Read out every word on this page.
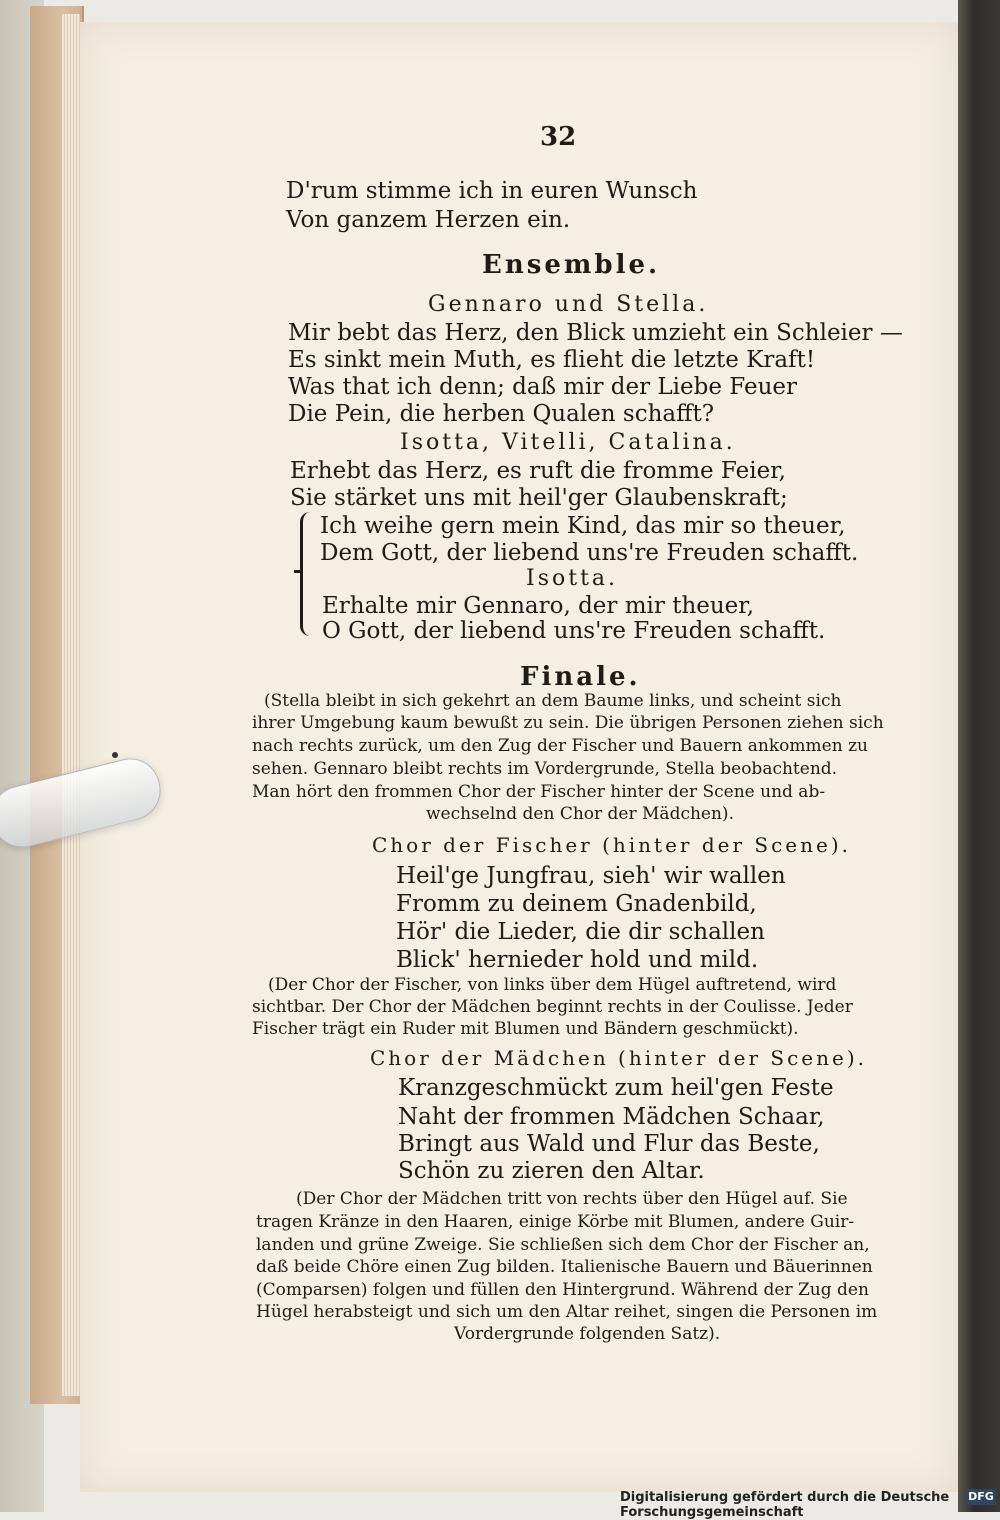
32
D'rum stimme ich in euren Wunsch
Von ganzem Herzen ein.
Ensemble.
Gennaro und Stella.
Mir bebt das Herz, den Blick umzieht ein Schleier —
Es sinkt mein Muth, es flieht die letzte Kraft!
Was that ich denn; daß mir der Liebe Feuer
Die Pein, die herben Qualen schafft?
Isotta, Vitelli, Catalina.
Erhebt das Herz, es ruft die fromme Feier,
Sie stärket uns mit heil'ger Glaubenskraft;
Ich weihe gern mein Kind, das mir so theuer,
Dem Gott, der liebend uns're Freuden schafft.
Isotta.
Erhalte mir Gennaro, der mir theuer,
O Gott, der liebend uns're Freuden schafft.
Finale.
(Stella bleibt in sich gekehrt an dem Baume links, und scheint sich
ihrer Umgebung kaum bewußt zu sein. Die übrigen Personen ziehen sich
nach rechts zurück, um den Zug der Fischer und Bauern ankommen zu
sehen. Gennaro bleibt rechts im Vordergrunde, Stella beobachtend.
Man hört den frommen Chor der Fischer hinter der Scene und ab-
wechselnd den Chor der Mädchen).
Chor der Fischer (hinter der Scene).
Heil'ge Jungfrau, sieh' wir wallen
Fromm zu deinem Gnadenbild,
Hör' die Lieder, die dir schallen
Blick' hernieder hold und mild.
(Der Chor der Fischer, von links über dem Hügel auftretend, wird
sichtbar. Der Chor der Mädchen beginnt rechts in der Coulisse. Jeder
Fischer trägt ein Ruder mit Blumen und Bändern geschmückt).
Chor der Mädchen (hinter der Scene).
Kranzgeschmückt zum heil'gen Feste
Naht der frommen Mädchen Schaar,
Bringt aus Wald und Flur das Beste,
Schön zu zieren den Altar.
(Der Chor der Mädchen tritt von rechts über den Hügel auf. Sie
tragen Kränze in den Haaren, einige Körbe mit Blumen, andere Guir-
landen und grüne Zweige. Sie schließen sich dem Chor der Fischer an,
daß beide Chöre einen Zug bilden. Italienische Bauern und Bäuerinnen
(Comparsen) folgen und füllen den Hintergrund. Während der Zug den
Hügel herabsteigt und sich um den Altar reihet, singen die Personen im
Vordergrunde folgenden Satz).
Digitalisierung gefördert durch die Deutsche Forschungsgemeinschaft
DFG
